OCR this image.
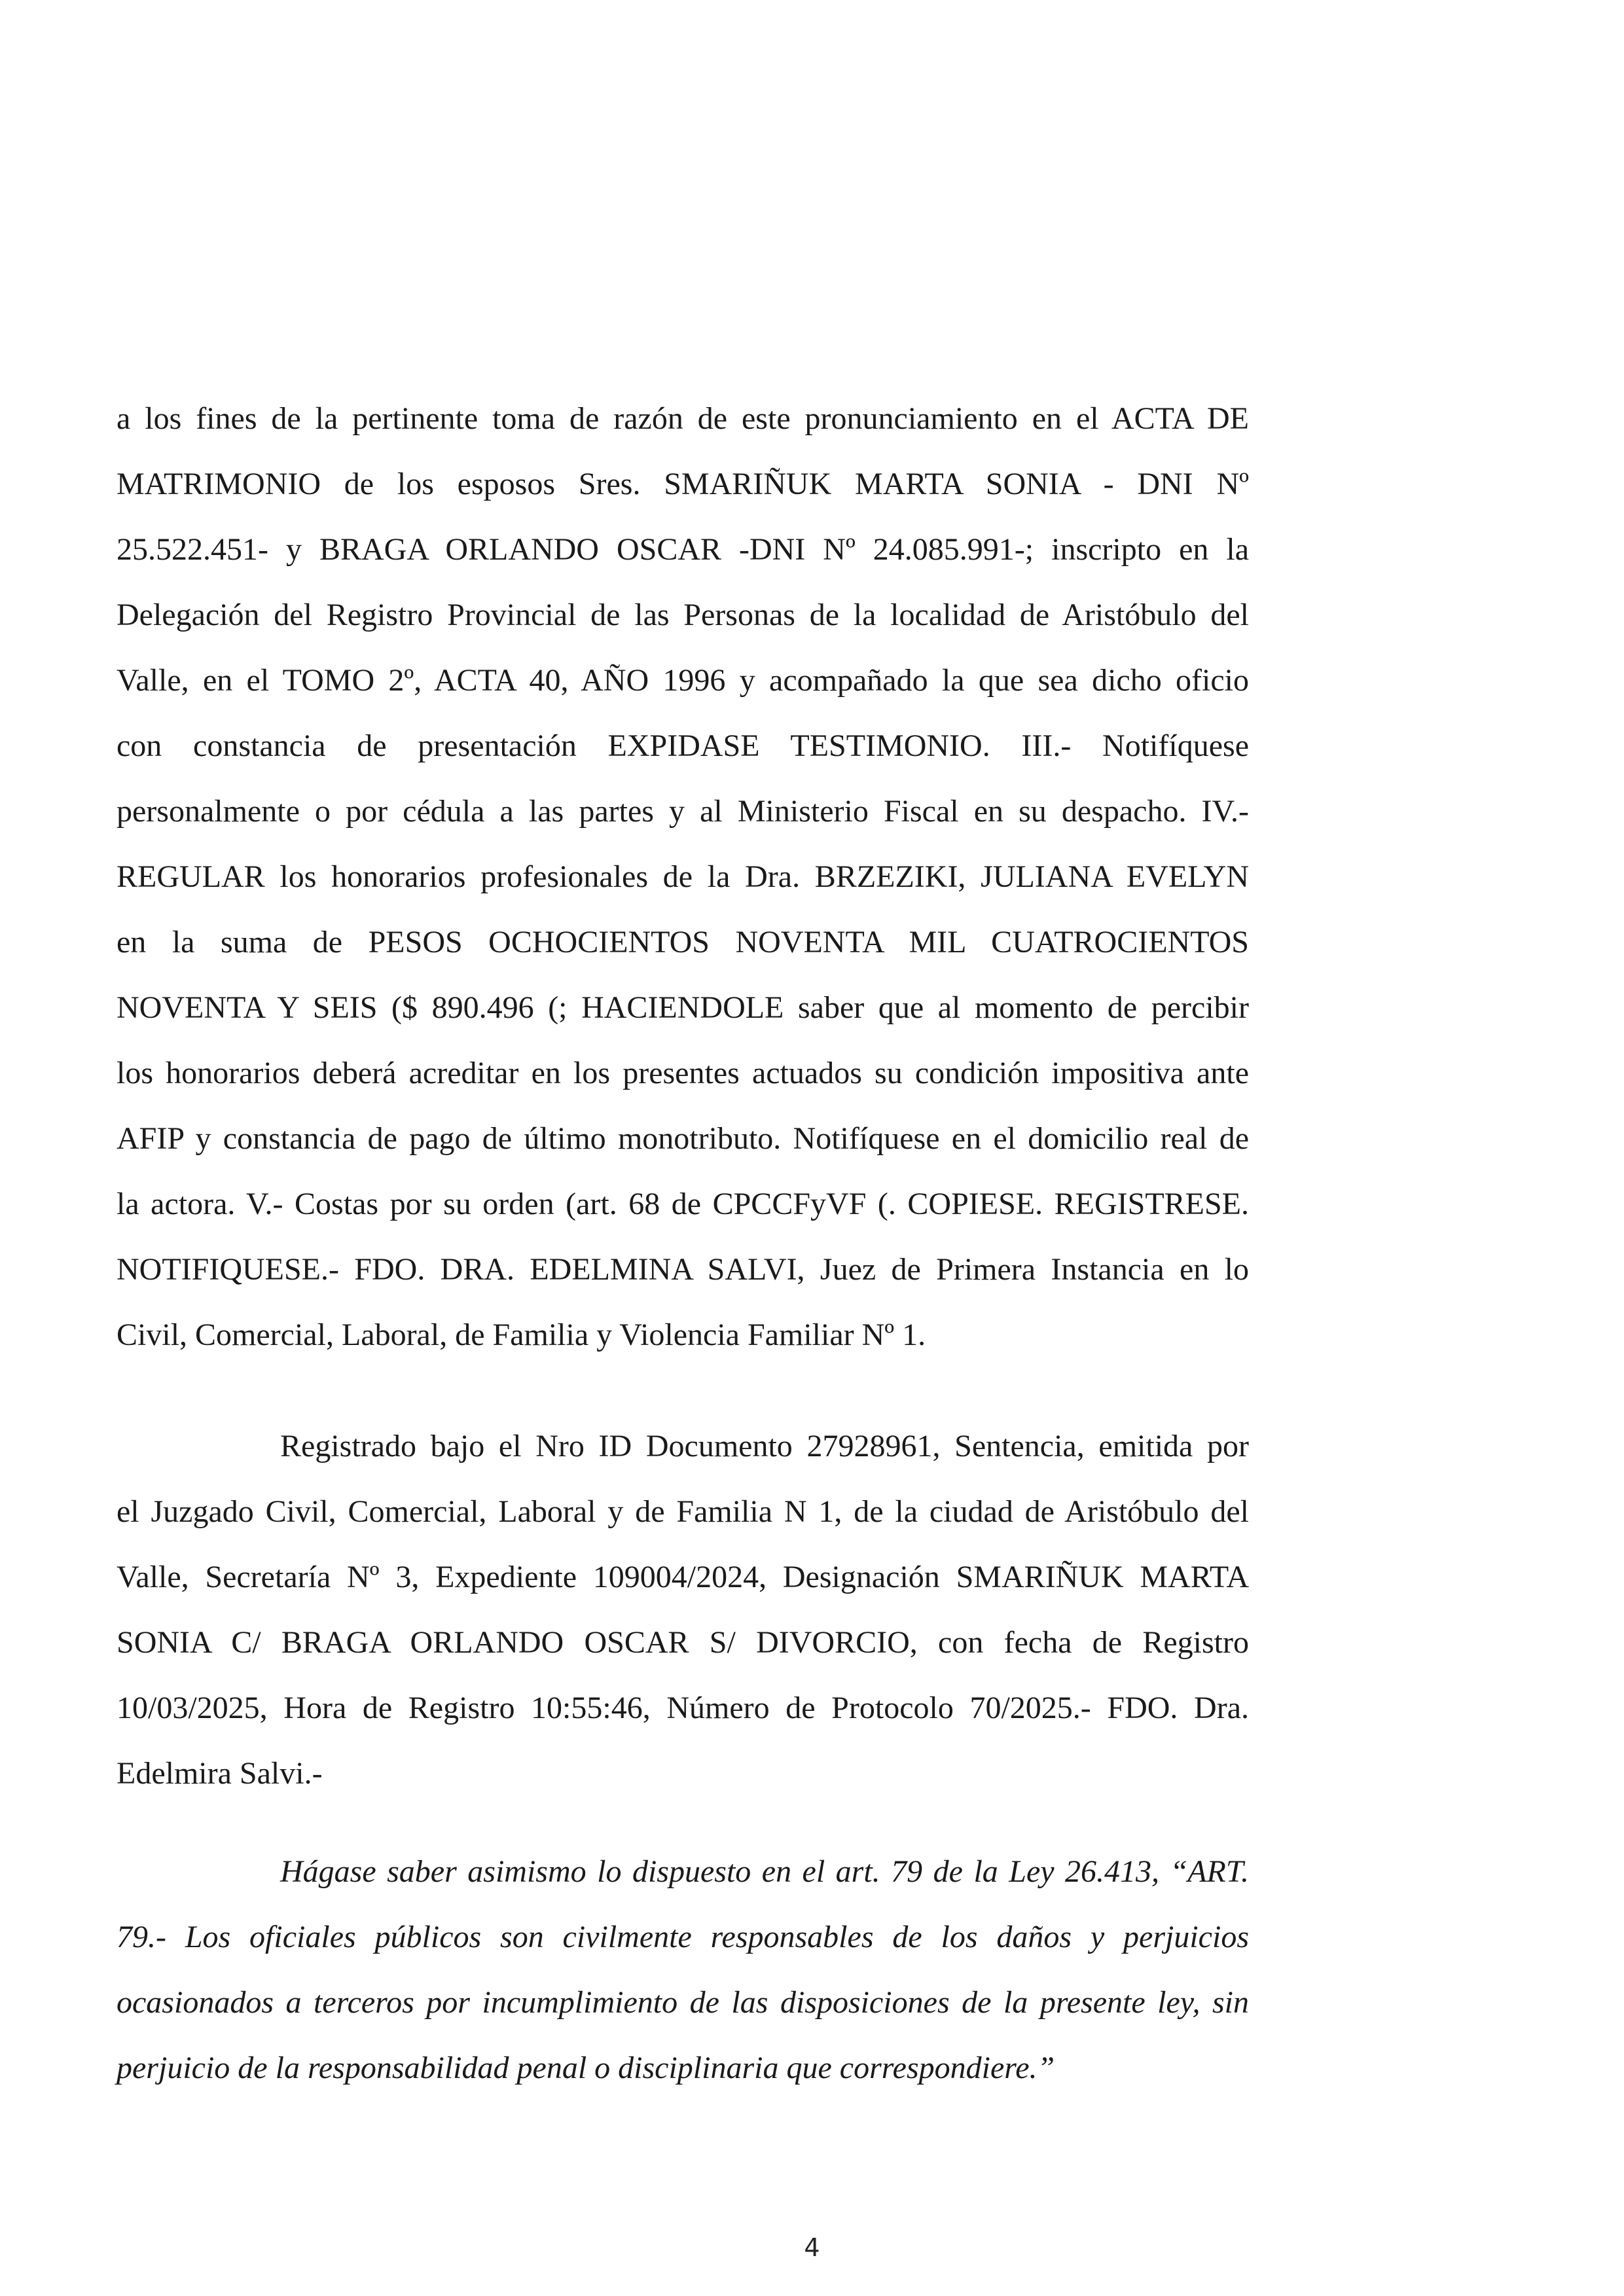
a los fines de la pertinente toma de razón de este pronunciamiento en el ACTA DE
MATRIMONIO de los esposos Sres. SMARIÑUK MARTA SONIA - DNI Nº
25.522.451- y BRAGA ORLANDO OSCAR -DNI Nº 24.085.991-; inscripto en la
Delegación del Registro Provincial de las Personas de la localidad de Aristóbulo del
Valle, en el TOMO 2º, ACTA 40, AÑO 1996 y acompañado la que sea dicho oficio
con constancia de presentación EXPIDASE TESTIMONIO. III.- Notifíquese
personalmente o por cédula a las partes y al Ministerio Fiscal en su despacho. IV.-
REGULAR los honorarios profesionales de la Dra. BRZEZIKI, JULIANA EVELYN
en la suma de PESOS OCHOCIENTOS NOVENTA MIL CUATROCIENTOS
NOVENTA Y SEIS ($ 890.496 (; HACIENDOLE saber que al momento de percibir
los honorarios deberá acreditar en los presentes actuados su condición impositiva ante
AFIP y constancia de pago de último monotributo. Notifíquese en el domicilio real de
la actora. V.- Costas por su orden (art. 68 de CPCCFyVF (. COPIESE. REGISTRESE.
NOTIFIQUESE.- FDO. DRA. EDELMINA SALVI, Juez de Primera Instancia en lo
Civil, Comercial, Laboral, de Familia y Violencia Familiar Nº 1.
Registrado bajo el Nro ID Documento 27928961, Sentencia, emitida por
el Juzgado Civil, Comercial, Laboral y de Familia N 1, de la ciudad de Aristóbulo del
Valle, Secretaría Nº 3, Expediente 109004/2024, Designación SMARIÑUK MARTA
SONIA C/ BRAGA ORLANDO OSCAR S/ DIVORCIO, con fecha de Registro
10/03/2025, Hora de Registro 10:55:46, Número de Protocolo 70/2025.- FDO. Dra.
Edelmira Salvi.-
Hágase saber asimismo lo dispuesto en el art. 79 de la Ley 26.413, “ART.
79.- Los oficiales públicos son civilmente responsables de los daños y perjuicios
ocasionados a terceros por incumplimiento de las disposiciones de la presente ley, sin
perjuicio de la responsabilidad penal o disciplinaria que correspondiere.”
4
